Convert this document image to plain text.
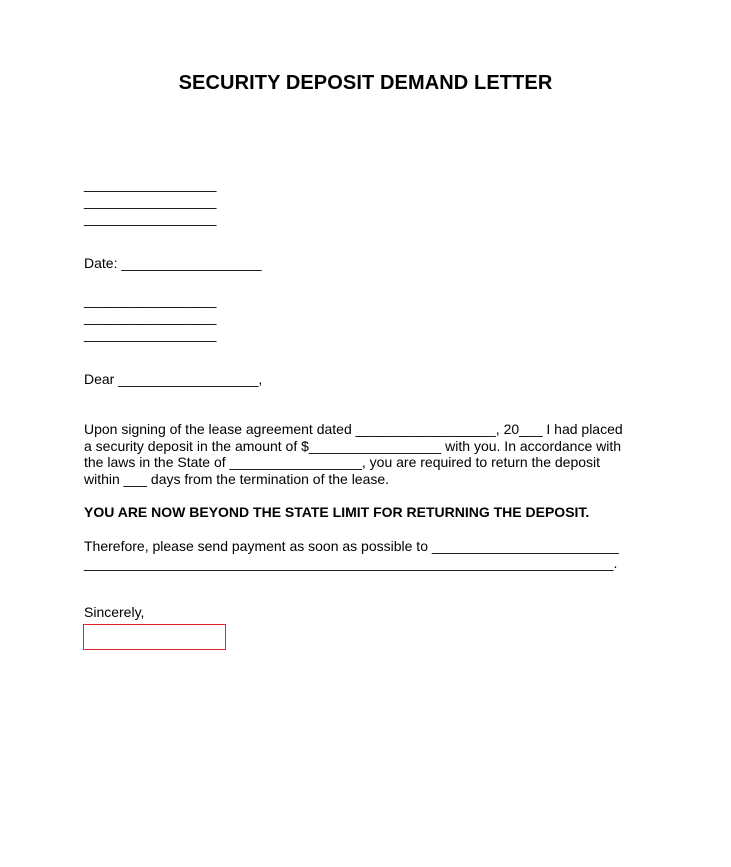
SECURITY DEPOSIT DEMAND LETTER
_________________
_________________
_________________
Date: __________________
_________________
_________________
_________________
Dear __________________,
Upon signing of the lease agreement dated __________________, 20___ I had placed
a security deposit in the amount of $_________________ with you. In accordance with
the laws in the State of _________________, you are required to return the deposit
within ___ days from the termination of the lease.
YOU ARE NOW BEYOND THE STATE LIMIT FOR RETURNING THE DEPOSIT.
Therefore, please send payment as soon as possible to ________________________
____________________________________________________________________.
Sincerely,
_________________
